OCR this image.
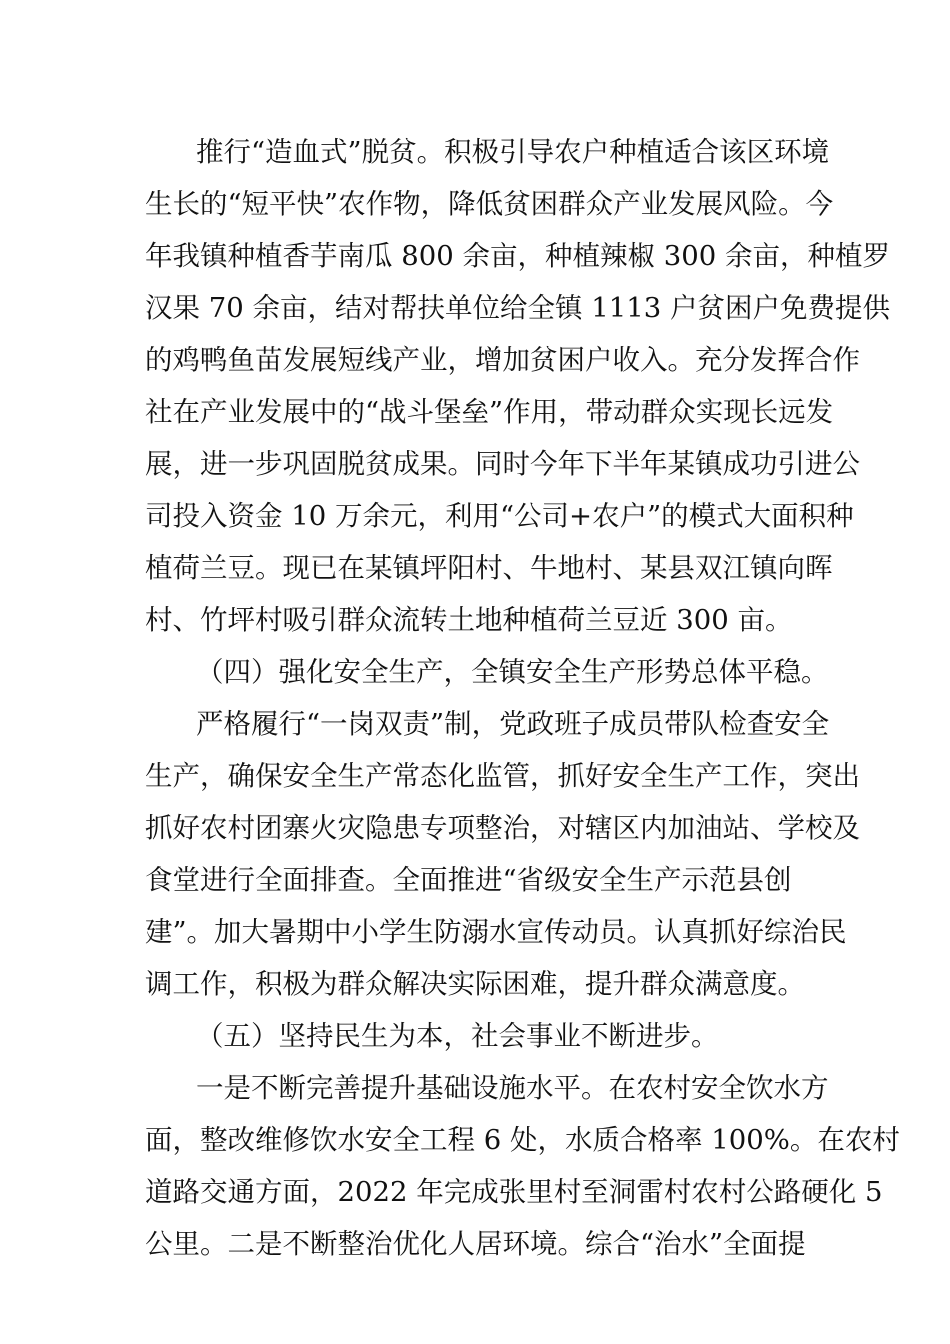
推行“造血式”脱贫。积极引导农户种植适合该区环境
生长的“短平快”农作物，降低贫困群众产业发展风险。今
年我镇种植香芋南瓜 800 余亩，种植辣椒 300 余亩，种植罗
汉果 70 余亩，结对帮扶单位给全镇 1113 户贫困户免费提供
的鸡鸭鱼苗发展短线产业，增加贫困户收入。充分发挥合作
社在产业发展中的“战斗堡垒”作用，带动群众实现长远发
展，进一步巩固脱贫成果。同时今年下半年某镇成功引进公
司投入资金 10 万余元，利用“公司+农户”的模式大面积种
植荷兰豆。现已在某镇坪阳村、牛地村、某县双江镇向晖
村、竹坪村吸引群众流转土地种植荷兰豆近 300 亩。
（四）强化安全生产，全镇安全生产形势总体平稳。
严格履行“一岗双责”制，党政班子成员带队检查安全
生产，确保安全生产常态化监管，抓好安全生产工作，突出
抓好农村团寨火灾隐患专项整治，对辖区内加油站、学校及
食堂进行全面排查。全面推进“省级安全生产示范县创
建”。加大暑期中小学生防溺水宣传动员。认真抓好综治民
调工作，积极为群众解决实际困难，提升群众满意度。
（五）坚持民生为本，社会事业不断进步。
一是不断完善提升基础设施水平。在农村安全饮水方
面，整改维修饮水安全工程 6 处，水质合格率 100%。在农村
道路交通方面，2022 年完成张里村至洞雷村农村公路硬化 5
公里。二是不断整治优化人居环境。综合“治水”全面提
